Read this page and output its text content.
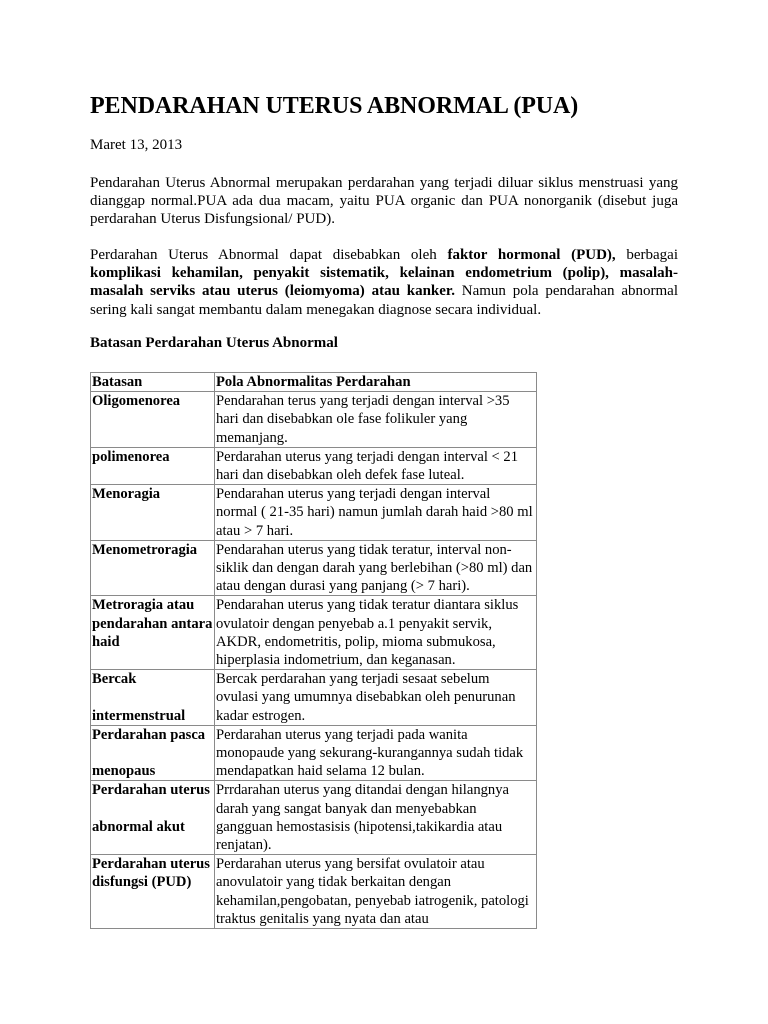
PENDARAHAN UTERUS ABNORMAL (PUA)
Maret 13, 2013

Pendarahan Uterus Abnormal merupakan perdarahan yang terjadi diluar siklus menstruasi yang dianggap normal.PUA ada dua macam, yaitu PUA organic dan PUA nonorganik (disebut juga perdarahan Uterus Disfungsional/ PUD).

Perdarahan Uterus Abnormal dapat disebabkan oleh faktor hormonal (PUD), berbagai komplikasi kehamilan, penyakit sistematik, kelainan endometrium (polip), masalah-masalah serviks atau uterus (leiomyoma) atau kanker. Namun pola pendarahan abnormal sering kali sangat membantu dalam menegakan diagnose secara individual.

Batasan Perdarahan Uterus Abnormal
Batasan	Pola Abnormalitas Perdarahan
Oligomenorea	Pendarahan terus yang terjadi dengan interval >35 hari dan disebabkan ole fase folikuler yang memanjang.
polimenorea	Perdarahan uterus yang terjadi dengan interval < 21 hari dan disebabkan oleh defek fase luteal.
Menoragia	Pendarahan uterus yang terjadi dengan interval normal ( 21-35 hari) namun jumlah darah haid >80 ml atau > 7 hari.
Menometroragia	Pendarahan uterus yang tidak teratur, interval non-siklik dan dengan darah yang berlebihan (>80 ml) dan atau dengan durasi yang panjang (> 7 hari).
Metroragia atau pendarahan antara haid	Pendarahan uterus yang tidak teratur diantara siklus ovulatoir dengan penyebab a.1 penyakit servik, AKDR, endometritis, polip, mioma submukosa, hiperplasia indometrium, dan keganasan.
Bercak
intermenstrual	Bercak perdarahan yang terjadi sesaat sebelum ovulasi yang umumnya disebabkan oleh penurunan kadar estrogen.
Perdarahan pasca
menopaus	Perdarahan uterus yang terjadi pada wanita monopaude yang sekurang-kurangannya sudah tidak mendapatkan haid selama 12 bulan.
Perdarahan uterus
abnormal akut	Prrdarahan uterus yang ditandai dengan hilangnya darah yang sangat banyak dan menyebabkan gangguan hemostasisis (hipotensi,takikardia atau renjatan).
Perdarahan uterus disfungsi (PUD)	Perdarahan uterus yang bersifat ovulatoir atau anovulatoir yang tidak berkaitan dengan kehamilan,pengobatan, penyebab iatrogenik, patologi traktus genitalis yang nyata dan atau
